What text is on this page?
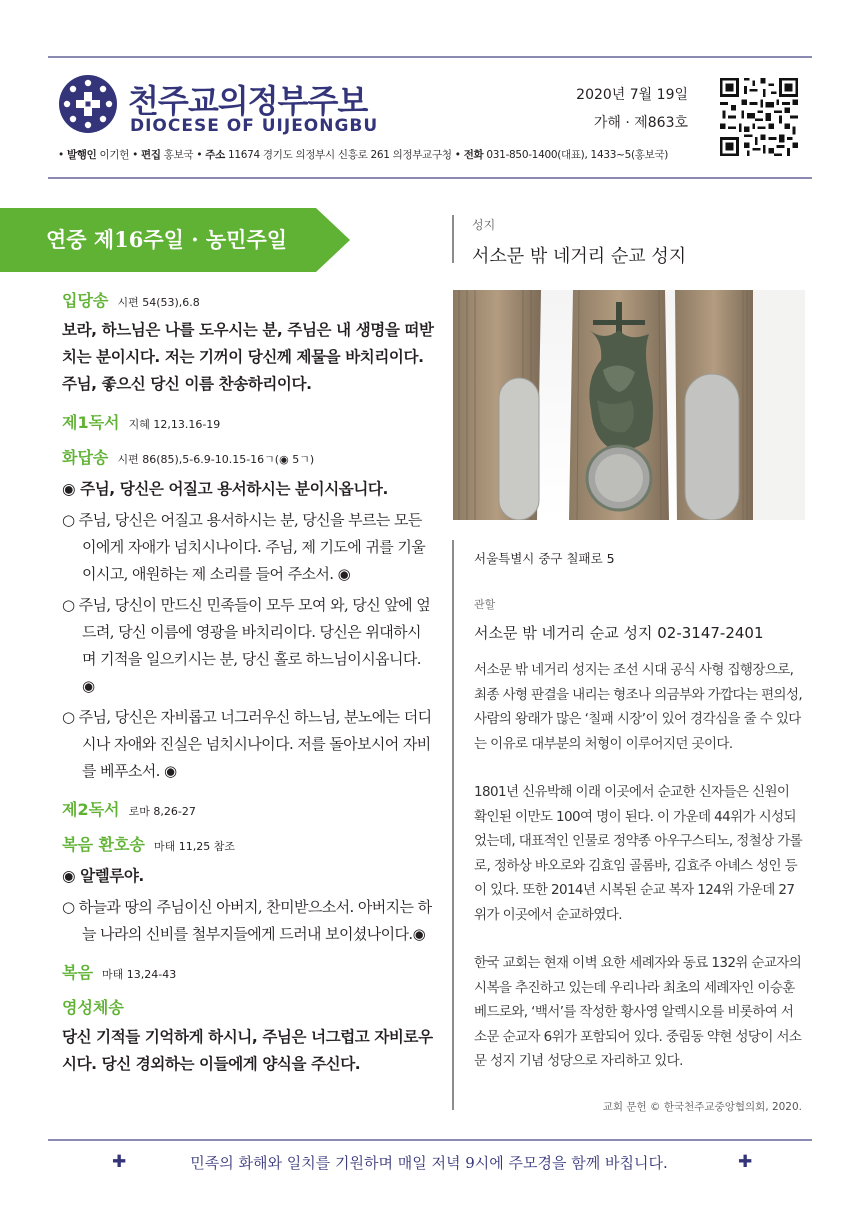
천주교의정부주보
DIOCESE OF UIJEONGBU
2020년 7월 19일
가해 · 제863호
• 발행인 이기헌 • 편집 홍보국 • 주소 11674 경기도 의정부시 신흥로 261 의정부교구청 • 전화 031-850-1400(대표), 1433~5(홍보국)
연중 제16주일 · 농민주일
입당송 시편 54(53),6.8
보라, 하느님은 나를 도우시는 분, 주님은 내 생명을 떠받치는 분이시다. 저는 기꺼이 당신께 제물을 바치리이다. 주님, 좋으신 당신 이름 찬송하리이다.
제1독서 지혜 12,13.16-19
화답송 시편 86(85),5-6.9-10.15-16ㄱ(◉ 5ㄱ)
◉ 주님, 당신은 어질고 용서하시는 분이시옵니다.
○ 주님, 당신은 어질고 용서하시는 분, 당신을 부르는 모든 이에게 자애가 넘치시나이다. 주님, 제 기도에 귀를 기울이시고, 애원하는 제 소리를 들어 주소서. ◉
○ 주님, 당신이 만드신 민족들이 모두 모여 와, 당신 앞에 엎드려, 당신 이름에 영광을 바치리이다. 당신은 위대하시며 기적을 일으키시는 분, 당신 홀로 하느님이시옵니다. ◉
○ 주님, 당신은 자비롭고 너그러우신 하느님, 분노에는 더디시나 자애와 진실은 넘치시나이다. 저를 돌아보시어 자비를 베푸소서. ◉
제2독서 로마 8,26-27
복음 환호송 마태 11,25 참조
◉ 알렐루야.
○ 하늘과 땅의 주님이신 아버지, 찬미받으소서. 아버지는 하늘 나라의 신비를 철부지들에게 드러내 보이셨나이다.◉
복음 마태 13,24-43
영성체송
당신 기적들 기억하게 하시니, 주님은 너그럽고 자비로우시다. 당신 경외하는 이들에게 양식을 주신다.
성지
서소문 밖 네거리 순교 성지
서울특별시 중구 칠패로 5
관할
서소문 밖 네거리 순교 성지 02-3147-2401

서소문 밖 네거리 성지는 조선 시대 공식 사형 집행장으로, 최종 사형 판결을 내리는 형조나 의금부와 가깝다는 편의성, 사람의 왕래가 많은 ‘칠패 시장’이 있어 경각심을 줄 수 있다는 이유로 대부분의 처형이 이루어지던 곳이다.

1801년 신유박해 이래 이곳에서 순교한 신자들은 신원이 확인된 이만도 100여 명이 된다. 이 가운데 44위가 시성되었는데, 대표적인 인물로 정약종 아우구스티노, 정철상 가롤로, 정하상 바오로와 김효임 골롬바, 김효주 아녜스 성인 등이 있다. 또한 2014년 시복된 순교 복자 124위 가운데 27위가 이곳에서 순교하였다.

한국 교회는 현재 이벽 요한 세례자와 동료 132위 순교자의 시복을 추진하고 있는데 우리나라 최초의 세례자인 이승훈 베드로와, ‘백서’를 작성한 황사영 알렉시오를 비롯하여 서소문 순교자 6위가 포함되어 있다. 중림동 약현 성당이 서소문 성지 기념 성당으로 자리하고 있다.

교회 문헌 © 한국천주교중앙협의회, 2020.
✚	민족의 화해와 일치를 기원하며 매일 저녁 9시에 주모경을 함께 바칩니다.	✚
